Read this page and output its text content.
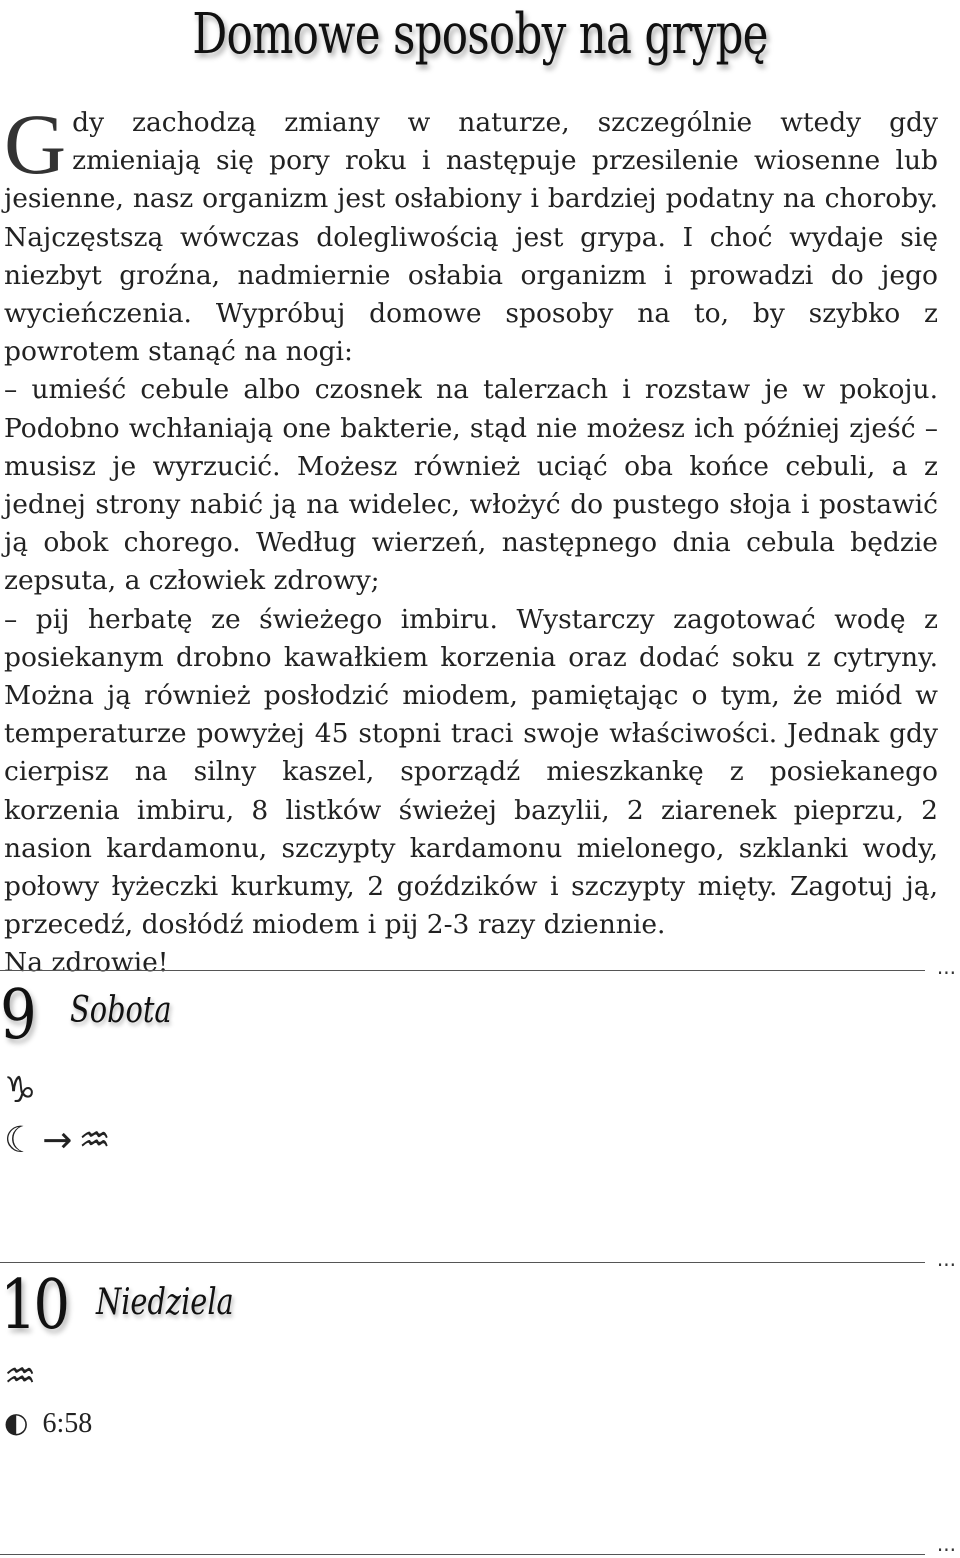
Domowe sposoby na grypę

Gdy zachodzą zmiany w naturze, szczególnie wtedy gdy zmieniają się pory roku i następuje przesilenie wiosenne lub jesienne, nasz organizm jest osłabiony i bardziej podatny na choroby. Najczęstszą wówczas dolegliwością jest grypa. I choć wydaje się niezbyt groźna, nadmiernie osłabia organizm i prowadzi do jego wycieńczenia. Wypróbuj domowe sposoby na to, by szybko z powrotem stanąć na nogi:

– umieść cebule albo czosnek na talerzach i rozstaw je w pokoju. Podobno wchłaniają one bakterie, stąd nie możesz ich później zjeść – musisz je wyrzucić. Możesz również uciąć oba końce cebuli, a z jednej strony nabić ją na widelec, włożyć do pustego słoja i postawić ją obok chorego. Według wierzeń, następnego dnia cebula będzie zepsuta, a człowiek zdrowy;

– pij herbatę ze świeżego imbiru. Wystarczy zagotować wodę z posiekanym drobno kawałkiem korzenia oraz dodać soku z cytryny. Można ją również posłodzić miodem, pamiętając o tym, że miód w temperaturze powyżej 45 stopni traci swoje właściwości. Jednak gdy cierpisz na silny kaszel, sporządź mieszkankę z posiekanego korzenia imbiru, 8 listków świeżej bazylii, 2 ziarenek pieprzu, 2 nasion kardamonu, szczypty kardamonu mielonego, szklanki wody, połowy łyżeczki kurkumy, 2 goździków i szczypty mięty. Zagotuj ją, przecedź, dosłódź miodem i pij 2-3 razy dziennie.

Na zdrowie!	...
9 Sobota
♑
☾ → ♒
...
10 Niedziela
♒
◐ 6:58
...
